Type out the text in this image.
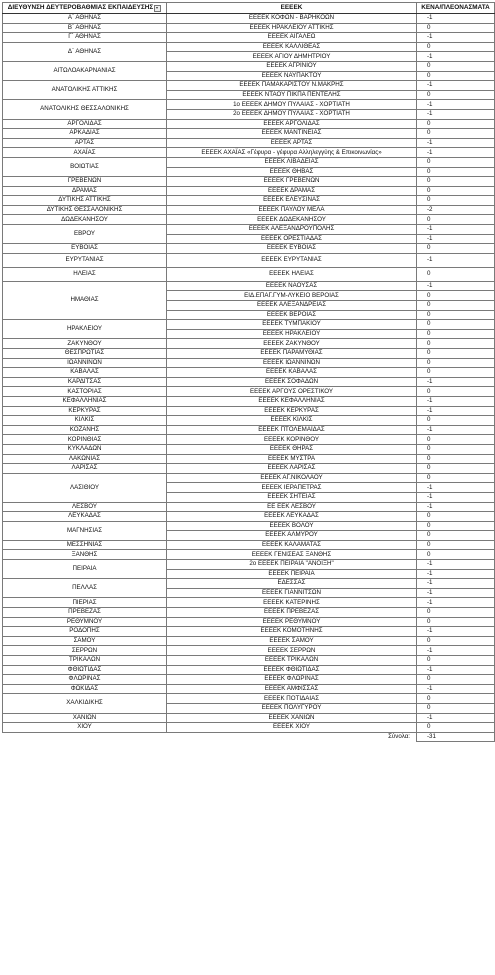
ΔΙΕΥΘΥΝΣΗ ΔΕΥΤΕΡΟΒΑΘΜΙΑΣ ΕΚΠΑΙΔΕΥΣΗΣ	ΕΕΕΕΚ	ΚΕΝΑ/ΠΛΕΟΝΑΣΜΑΤΑ
Α΄ ΑΘΗΝΑΣ	ΕΕΕΕΚ ΚΟΦΩΝ - ΒΑΡΗΚΟΩΝ	-1
Β΄ ΑΘΗΝΑΣ	ΕΕΕΕΚ ΗΡΑΚΛΕΙΟΥ ΑΤΤΙΚΗΣ	0
Γ΄ ΑΘΗΝΑΣ	ΕΕΕΕΚ ΑΙΓΑΛΕΩ	-1
Δ΄ ΑΘΗΝΑΣ	ΕΕΕΕΚ ΚΑΛΛΙΘΕΑΣ	0
	ΕΕΕΕΚ ΑΓΙΟΥ ΔΗΜΗΤΡΙΟΥ	-1
ΑΙΤΩΛΟΑΚΑΡΝΑΝΙΑΣ	ΕΕΕΕΚ ΑΓΡΙΝΙΟΥ	0
	ΕΕΕΕΚ ΝΑΥΠΑΚΤΟΥ	0
ΑΝΑΤΟΛΙΚΗΣ ΑΤΤΙΚΗΣ	ΕΕΕΕΚ ΠΑΜΑΚΑΡΙΣΤΟΥ Ν.ΜΑΚΡΗΣ	-1
	ΕΕΕΕΚ ΝΤΑΟΥ ΠΙΚΠΑ ΠΕΝΤΕΛΗΣ	0
ΑΝΑΤΟΛΙΚΗΣ ΘΕΣΣΑΛΟΝΙΚΗΣ	1ο ΕΕΕΕΚ ΔΗΜΟΥ ΠΥΛΑΙΑΣ - ΧΟΡΤΙΑΤΗ	-1
	2ο ΕΕΕΕΚ ΔΗΜΟΥ ΠΥΛΑΙΑΣ - ΧΟΡΤΙΑΤΗ	-1
ΑΡΓΟΛΙΔΑΣ	ΕΕΕΕΚ ΑΡΓΟΛΙΔΑΣ	0
ΑΡΚΑΔΙΑΣ	ΕΕΕΕΚ ΜΑΝΤΙΝΕΙΑΣ	0
ΑΡΤΑΣ	ΕΕΕΕΚ ΑΡΤΑΣ	-1
ΑΧΑΪΑΣ	ΕΕΕΕΚ ΑΧΑΪΑΣ «Γέφυρα - γέφυρα Αλληλεγγύης & Επικοινωνίας»	-1
ΒΟΙΩΤΙΑΣ	ΕΕΕΕΚ ΛΙΒΑΔΕΙΑΣ	0
	ΕΕΕΕΚ ΘΗΒΑΣ	0
ΓΡΕΒΕΝΩΝ	ΕΕΕΕΚ ΓΡΕΒΕΝΩΝ	0
ΔΡΑΜΑΣ	ΕΕΕΕΚ ΔΡΑΜΑΣ	0
ΔΥΤΙΚΗΣ ΑΤΤΙΚΗΣ	ΕΕΕΕΚ ΕΛΕΥΣΙΝΑΣ	0
ΔΥΤΙΚΗΣ ΘΕΣΣΑΛΟΝΙΚΗΣ	ΕΕΕΕΚ ΠΑΥΛΟΥ ΜΕΛΑ	-2
ΔΩΔΕΚΑΝΗΣΟΥ	ΕΕΕΕΚ ΔΩΔΕΚΑΝΗΣΟΥ	0
ΕΒΡΟΥ	ΕΕΕΕΚ ΑΛΕΞΑΝΔΡΟΥΠΟΛΗΣ	-1
	ΕΕΕΕΚ ΟΡΕΣΤΙΑΔΑΣ	-1
ΕΥΒΟΙΑΣ	ΕΕΕΕΚ ΕΥΒΟΙΑΣ	0
ΕΥΡΥΤΑΝΙΑΣ	ΕΕΕΕΚ ΕΥΡΥΤΑΝΙΑΣ	-1
ΗΛΕΙΑΣ	ΕΕΕΕΚ ΗΛΕΙΑΣ	0
ΗΜΑΘΙΑΣ	ΕΕΕΕΚ ΝΑΟΥΣΑΣ	-1
	ΕΙΔ.ΕΠΑΓ.ΓΥΜ-ΛΥΚΕΙΟ ΒΕΡΟΙΑΣ	0
	ΕΕΕΕΚ ΑΛΕΞΑΝΔΡΕΙΑΣ	0
	ΕΕΕΕΚ ΒΕΡΟΙΑΣ	0
ΗΡΑΚΛΕΙΟΥ	ΕΕΕΕΚ ΤΥΜΠΑΚΙΟΥ	0
	ΕΕΕΕΚ ΗΡΑΚΛΕΙΟΥ	0
ΖΑΚΥΝΘΟΥ	ΕΕΕΕΚ ΖΑΚΥΝΘΟΥ	0
ΘΕΣΠΡΩΤΙΑΣ	ΕΕΕΕΚ ΠΑΡΑΜΥΘΙΑΣ	0
ΙΩΑΝΝΙΝΩΝ	ΕΕΕΕΚ ΙΩΑΝΝΙΝΩΝ	0
ΚΑΒΑΛΑΣ	ΕΕΕΕΚ ΚΑΒΑΛΑΣ	0
ΚΑΡΔΙΤΣΑΣ	ΕΕΕΕΚ ΣΟΦΑΔΩΝ	-1
ΚΑΣΤΟΡΙΑΣ	ΕΕΕΕΚ ΑΡΓΟΥΣ ΟΡΕΣΤΙΚΟΥ	0
ΚΕΦΑΛΛΗΝΙΑΣ	ΕΕΕΕΚ ΚΕΦΑΛΛΗΝΙΑΣ	-1
ΚΕΡΚΥΡΑΣ	ΕΕΕΕΚ ΚΕΡΚΥΡΑΣ	-1
ΚΙΛΚΙΣ	ΕΕΕΕΚ ΚΙΛΚΙΣ	0
ΚΟΖΑΝΗΣ	ΕΕΕΕΚ ΠΤΟΛΕΜΑΪΔΑΣ	-1
ΚΟΡΙΝΘΙΑΣ	ΕΕΕΕΚ ΚΟΡΙΝΘΟΥ	0
ΚΥΚΛΑΔΩΝ	ΕΕΕΕΚ ΘΗΡΑΣ	0
ΛΑΚΩΝΙΑΣ	ΕΕΕΕΚ ΜΥΣΤΡΑ	0
ΛΑΡΙΣΑΣ	ΕΕΕΕΚ ΛΑΡΙΣΑΣ	0
ΛΑΣΙΘΙΟΥ	ΕΕΕΕΚ ΑΓ.ΝΙΚΟΛΑΟΥ	0
	ΕΕΕΕΚ ΙΕΡΑΠΕΤΡΑΣ	-1
	ΕΕΕΕΚ ΣΗΤΕΙΑΣ	-1
ΛΕΣΒΟΥ	ΕΕ ΕΕΚ ΛΕΣΒΟΥ	-1
ΛΕΥΚΑΔΑΣ	ΕΕΕΕΚ ΛΕΥΚΑΔΑΣ	0
ΜΑΓΝΗΣΙΑΣ	ΕΕΕΕΚ ΒΟΛΟΥ	0
	ΕΕΕΕΚ ΑΛΜΥΡΟΥ	0
ΜΕΣΣΗΝΙΑΣ	ΕΕΕΕΚ ΚΑΛΑΜΑΤΑΣ	0
ΞΑΝΘΗΣ	ΕΕΕΕΚ ΓΕΝΙΣΕΑΣ ΞΑΝΘΗΣ	0
ΠΕΙΡΑΙΑ	2ο ΕΕΕΕΚ ΠΕΙΡΑΙΑ "ΑΝΟΙΞΗ"	-1
	ΕΕΕΕΚ ΠΕΙΡΑΙΑ	-1
ΠΕΛΛΑΣ	ΕΔΕΣΣΑΣ	-1
	ΕΕΕΕΚ ΓΙΑΝΝΙΤΣΩΝ	-1
ΠΙΕΡΙΑΣ	ΕΕΕΕΚ ΚΑΤΕΡΙΝΗΣ	-1
ΠΡΕΒΕΖΑΣ	ΕΕΕΕΚ ΠΡΕΒΕΖΑΣ	0
ΡΕΘΥΜΝΟΥ	ΕΕΕΕΚ ΡΕΘΥΜΝΟΥ	0
ΡΟΔΟΠΗΣ	ΕΕΕΕΚ ΚΟΜΟΤΗΝΗΣ	-1
ΣΑΜΟΥ	ΕΕΕΕΚ ΣΑΜΟΥ	0
ΣΕΡΡΩΝ	ΕΕΕΕΚ ΣΕΡΡΩΝ	-1
ΤΡΙΚΑΛΩΝ	ΕΕΕΕΚ ΤΡΙΚΑΛΩΝ	0
ΦΘΙΩΤΙΔΑΣ	ΕΕΕΕΚ ΦΘΙΩΤΙΔΑΣ	-1
ΦΛΩΡΙΝΑΣ	ΕΕΕΕΚ ΦΛΩΡΙΝΑΣ	0
ΦΩΚΙΔΑΣ	ΕΕΕΕΚ ΑΜΦΙΣΣΑΣ	-1
ΧΑΛΚΙΔΙΚΗΣ	ΕΕΕΕΚ ΠΟΤΙΔΑΙΑΣ	0
	ΕΕΕΕΚ ΠΟΛΥΓΥΡΟΥ	0
ΧΑΝΙΩΝ	ΕΕΕΕΚ ΧΑΝΙΩΝ	-1
ΧΙΟΥ	ΕΕΕΕΚ ΧΙΟΥ	0
	Σύνολα:	-31
